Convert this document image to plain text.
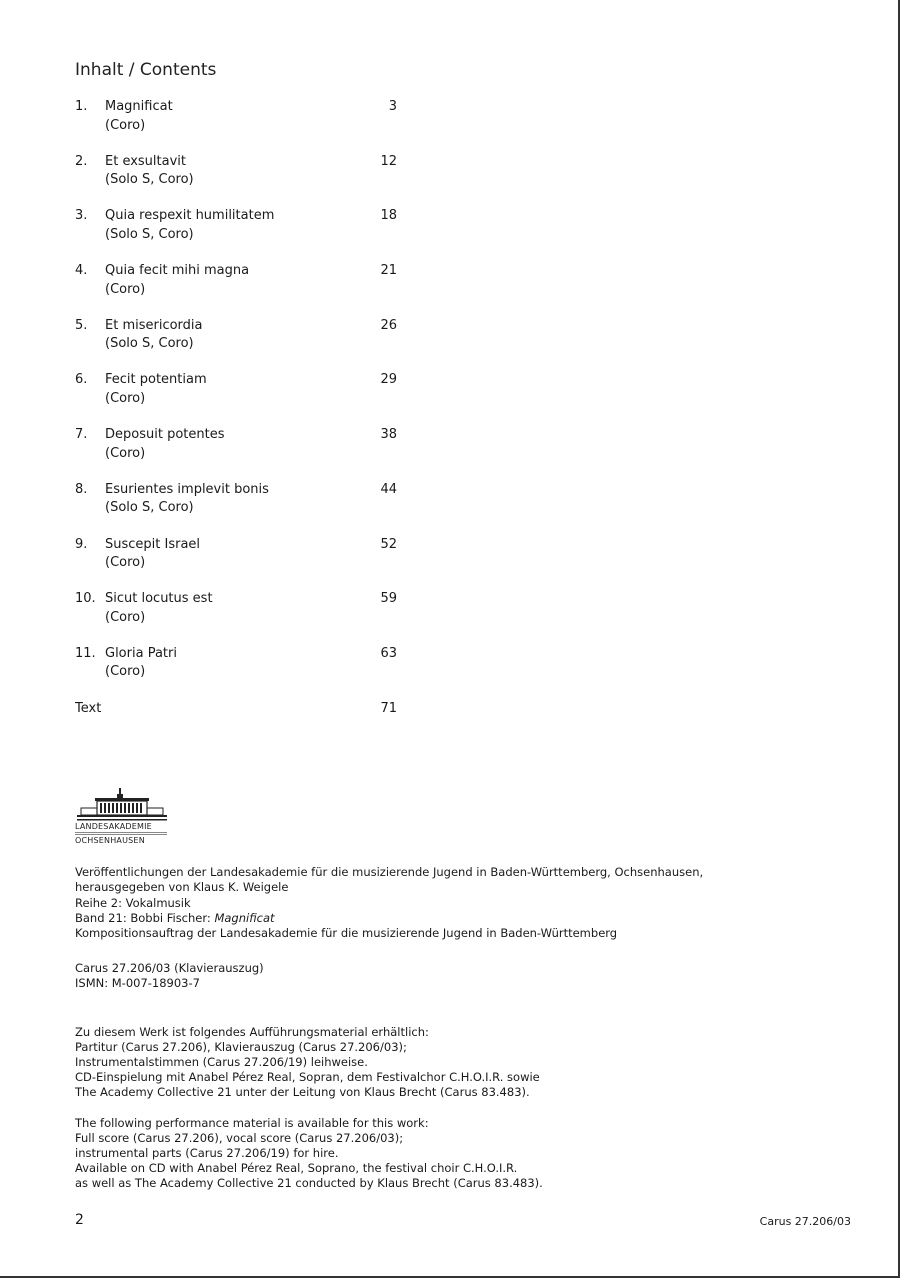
Inhalt / Contents
1. Magnificat
(Coro)
3
2. Et exsultavit
(Solo S, Coro)
12
3. Quia respexit humilitatem
(Solo S, Coro)
18
4. Quia fecit mihi magna
(Coro)
21
5. Et misericordia
(Solo S, Coro)
26
6. Fecit potentiam
(Coro)
29
7. Deposuit potentes
(Coro)
38
8. Esurientes implevit bonis
(Solo S, Coro)
44
9. Suscepit Israel
(Coro)
52
10. Sicut locutus est
(Coro)
59
11. Gloria Patri
(Coro)
63
Text	71
LANDESAKADEMIE
OCHSENHAUSEN

Veröffentlichungen der Landesakademie für die musizierende Jugend in Baden-Württemberg, Ochsenhausen,

herausgegeben von Klaus K. Weigele

Reihe 2: Vokalmusik

Band 21: Bobbi Fischer: Magnificat

Kompositionsauftrag der Landesakademie für die musizierende Jugend in Baden-Württemberg

Carus 27.206/03 (Klavierauszug)

ISMN: M-007-18903-7

Zu diesem Werk ist folgendes Aufführungsmaterial erhältlich:

Partitur (Carus 27.206), Klavierauszug (Carus 27.206/03);

Instrumentalstimmen (Carus 27.206/19) leihweise.

CD-Einspielung mit Anabel Pérez Real, Sopran, dem Festivalchor C.H.O.I.R. sowie

The Academy Collective 21 unter der Leitung von Klaus Brecht (Carus 83.483).

The following performance material is available for this work:

Full score (Carus 27.206), vocal score (Carus 27.206/03);

instrumental parts (Carus 27.206/19) for hire.

Available on CD with Anabel Pérez Real, Soprano, the festival choir C.H.O.I.R.

as well as The Academy Collective 21 conducted by Klaus Brecht (Carus 83.483).

2	Carus 27.206/03
